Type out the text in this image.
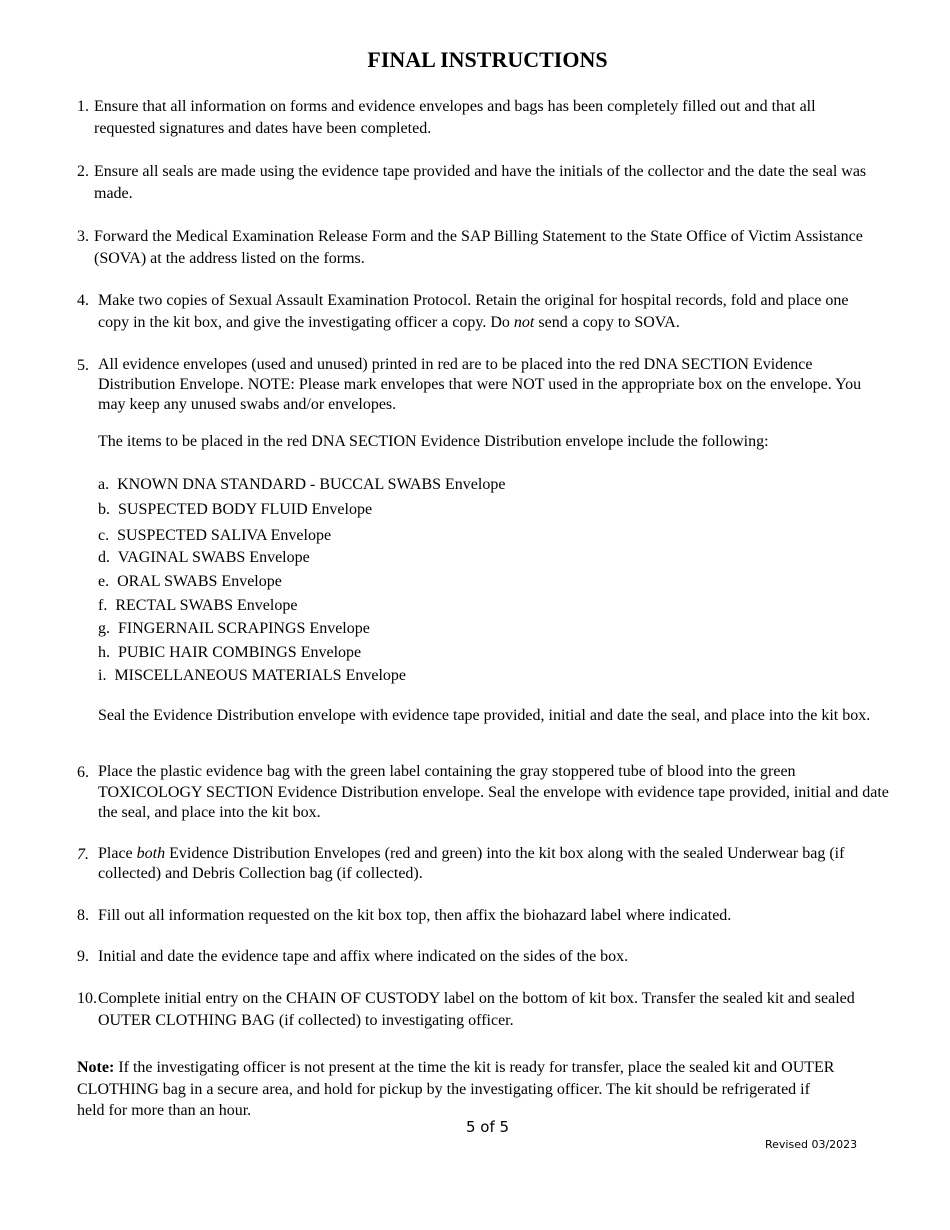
FINAL INSTRUCTIONS
1. Ensure that all information on forms and evidence envelopes and bags has been completely filled out and that all requested signatures and dates have been completed.
2. Ensure all seals are made using the evidence tape provided and have the initials of the collector and the date the seal was made.
3. Forward the Medical Examination Release Form and the SAP Billing Statement to the State Office of Victim Assistance (SOVA) at the address listed on the forms.
4. Make two copies of Sexual Assault Examination Protocol. Retain the original for hospital records, fold and place one copy in the kit box, and give the investigating officer a copy. Do not send a copy to SOVA.
5. All evidence envelopes (used and unused) printed in red are to be placed into the red DNA SECTION Evidence Distribution Envelope. NOTE: Please mark envelopes that were NOT used in the appropriate box on the envelope. You may keep any unused swabs and/or envelopes.
The items to be placed in the red DNA SECTION Evidence Distribution envelope include the following:
a. KNOWN DNA STANDARD - BUCCAL SWABS Envelope
b. SUSPECTED BODY FLUID Envelope
c. SUSPECTED SALIVA Envelope
d. VAGINAL SWABS Envelope
e. ORAL SWABS Envelope
f. RECTAL SWABS Envelope
g. FINGERNAIL SCRAPINGS Envelope
h. PUBIC HAIR COMBINGS Envelope
i. MISCELLANEOUS MATERIALS Envelope
Seal the Evidence Distribution envelope with evidence tape provided, initial and date the seal, and place into the kit box.
6. Place the plastic evidence bag with the green label containing the gray stoppered tube of blood into the green TOXICOLOGY SECTION Evidence Distribution envelope. Seal the envelope with evidence tape provided, initial and date the seal, and place into the kit box.
7. Place both Evidence Distribution Envelopes (red and green) into the kit box along with the sealed Underwear bag (if collected) and Debris Collection bag (if collected).
8. Fill out all information requested on the kit box top, then affix the biohazard label where indicated.
9. Initial and date the evidence tape and affix where indicated on the sides of the box.
10. Complete initial entry on the CHAIN OF CUSTODY label on the bottom of kit box. Transfer the sealed kit and sealed OUTER CLOTHING BAG (if collected) to investigating officer.
Note: If the investigating officer is not present at the time the kit is ready for transfer, place the sealed kit and OUTER CLOTHING bag in a secure area, and hold for pickup by the investigating officer. The kit should be refrigerated if held for more than an hour.
5 of 5
Revised 03/2023
